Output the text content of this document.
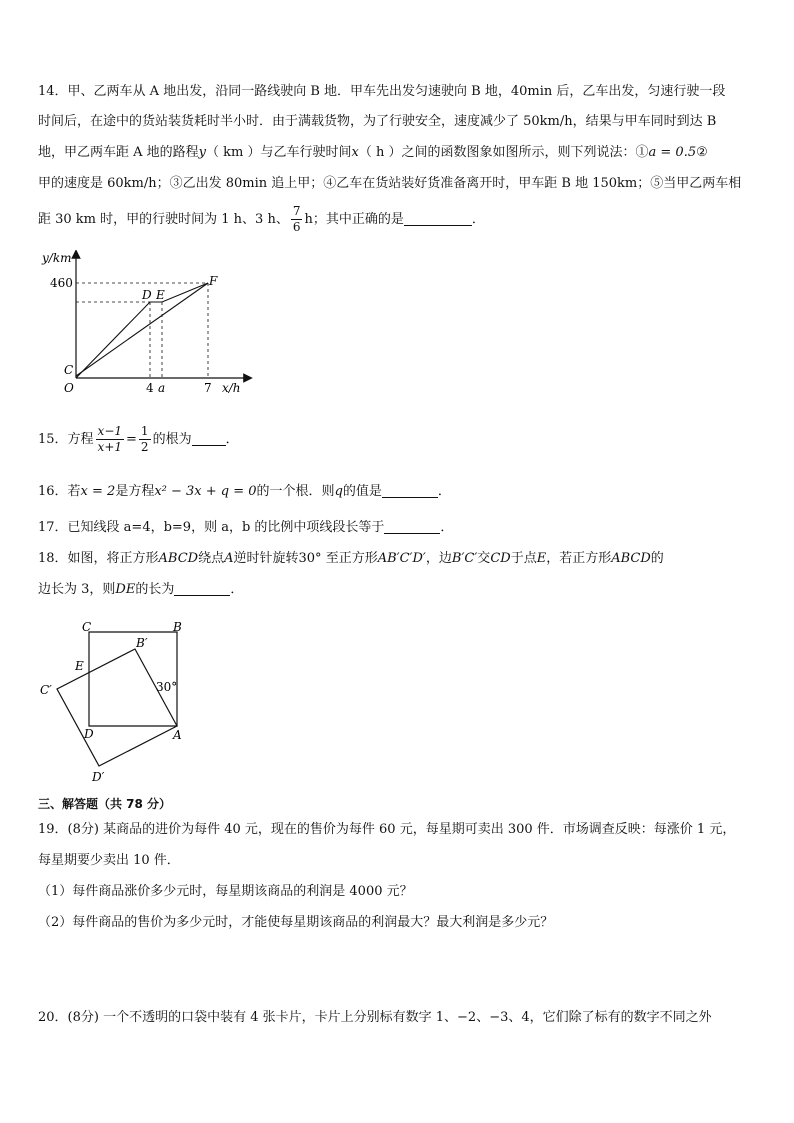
14．甲、乙两车从 A 地出发，沿同一路线驶向 B 地．甲车先出发匀速驶向 B 地，40min 后，乙车出发，匀速行驶一段
时间后，在途中的货站装货耗时半小时．由于满载货物，为了行驶安全，速度减少了 50km/h，结果与甲车同时到达 B
地，甲乙两车距 A 地的路程y（ km ）与乙车行驶时间x（ h ）之间的函数图象如图所示，则下列说法：①a = 0.5②
甲的速度是 60km/h；③乙出发 80min 追上甲；④乙车在货站装好货准备离开时，甲车距 B 地 150km；⑤当甲乙两车相
距 30 km 时，甲的行驶时间为 1 h、3 h、 $\frac{7}{6}$ h；其中正确的是	．
y/km
x/h
460
4 a	7
O
C
D E
F
15．方程 $\frac{x-1}{x+1} = \frac{1}{2}$ 的根为	．
16．若x = 2是方程x² − 3x + q = 0的一个根．则q的值是	．
17．已知线段 a=4，b=9，则 a，b 的比例中项线段长等于	．
18．如图，将正方形ABCD绕点A逆时针旋转30° 至正方形AB′C′D′，边B′C′交CD于点E，若正方形ABCD的
边长为 3，则DE的长为	．
C	B
B′
E
C′
D	A
D′
30°
三、解答题（共 78 分）
19．(8分) 某商品的进价为每件 40 元，现在的售价为每件 60 元，每星期可卖出 300 件．市场调查反映：每涨价 1 元，
每星期要少卖出 10 件．
（1）每件商品涨价多少元时，每星期该商品的利润是 4000 元？
（2）每件商品的售价为多少元时，才能使每星期该商品的利润最大？最大利润是多少元？
20．(8分) 一个不透明的口袋中装有 4 张卡片，卡片上分别标有数字 1、−2、−3、4，它们除了标有的数字不同之外
